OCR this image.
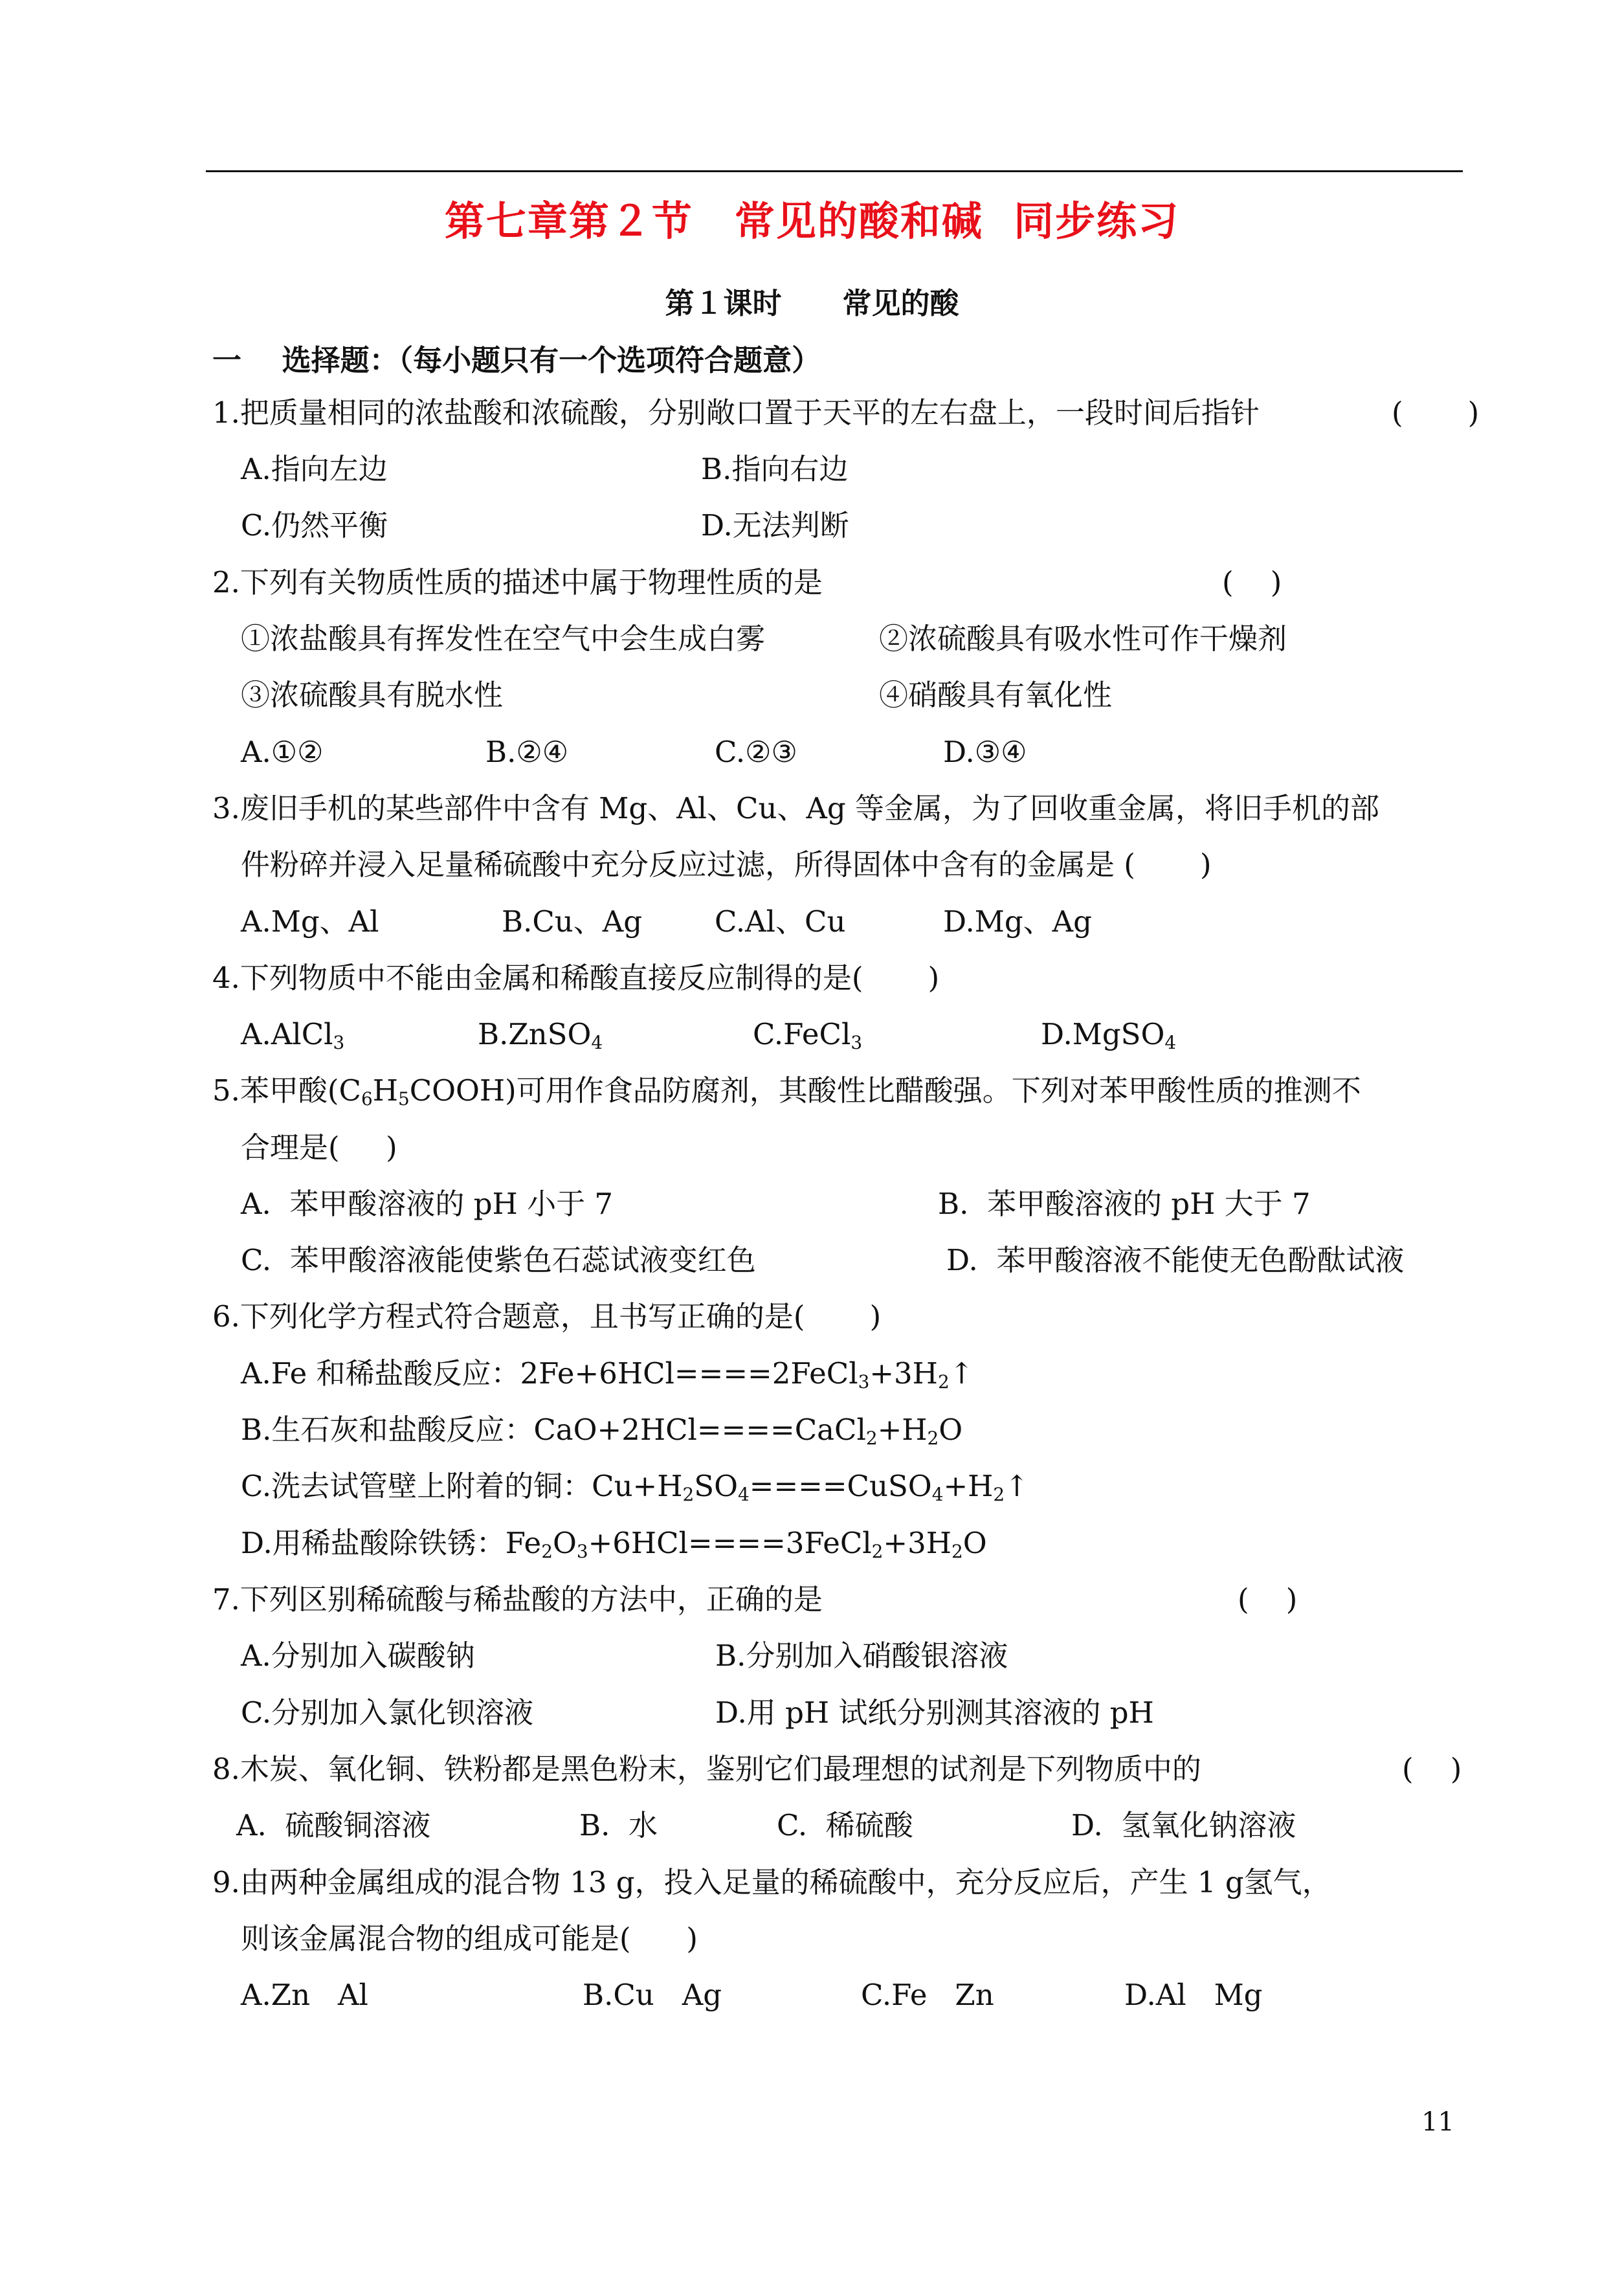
第七章第２节　常见的酸和碱  同步练习
第１课时      常见的酸
一    选择题：（每小题只有一个选项符合题意）
1.把质量相同的浓盐酸和浓硫酸，分别敞口置于天平的左右盘上，一段时间后指针	(       )
A.指向左边	B.指向右边
C.仍然平衡	D.无法判断
2.下列有关物质性质的描述中属于物理性质的是	(    )
①浓盐酸具有挥发性在空气中会生成白雾	②浓硫酸具有吸水性可作干燥剂
③浓硫酸具有脱水性	④硝酸具有氧化性
A.①②	B.②④	C.②③	D.③④
3.废旧手机的某些部件中含有 Mg、Al、Cu、Ag 等金属，为了回收重金属，将旧手机的部
件粉碎并浸入足量稀硫酸中充分反应过滤，所得固体中含有的金属是 (       )
A.Mg、Al	B.Cu、Ag C.Al、Cu	D.Mg、Ag
4.下列物质中不能由金属和稀酸直接反应制得的是(       )
A.AlCl$_3$	B.ZnSO$_4$	C.FeCl$_3$	D.MgSO$_4$
5.苯甲酸$(C_6H_5COOH)$可用作食品防腐剂，其酸性比醋酸强。下列对苯甲酸性质的推测不
合理是(     )
A.  苯甲酸溶液的 pH 小于 7	B.  苯甲酸溶液的 pH 大于 7
C.  苯甲酸溶液能使紫色石蕊试液变红色	D.  苯甲酸溶液不能使无色酚酞试液
6.下列化学方程式符合题意，且书写正确的是(       )
A.Fe 和稀盐酸反应：$2Fe+6HCl====2FeCl_3+3H_2↑$
B.生石灰和盐酸反应：$CaO+2HCl====CaCl_2+H_2O$
C.洗去试管壁上附着的铜：$Cu+H_2SO_4====CuSO_4+H_2↑$
D.用稀盐酸除铁锈：$Fe_2O_3+6HCl====3FeCl_2+3H_2O$
7.下列区别稀硫酸与稀盐酸的方法中，正确的是	(    )
A.分别加入碳酸钠	B.分别加入硝酸银溶液
C.分别加入氯化钡溶液	D.用 pH 试纸分别测其溶液的 pH
8.木炭、氧化铜、铁粉都是黑色粉末，鉴别它们最理想的试剂是下列物质中的	(    )
A.  硫酸铜溶液	B.  水	C.  稀硫酸	D.  氢氧化钠溶液
9.由两种金属组成的混合物 13 g，投入足量的稀硫酸中，充分反应后，产生 1 g氢气，
则该金属混合物的组成可能是(      )
A.Zn   Al	B.Cu   Ag	C.Fe   Zn	D.Al   Mg
11
